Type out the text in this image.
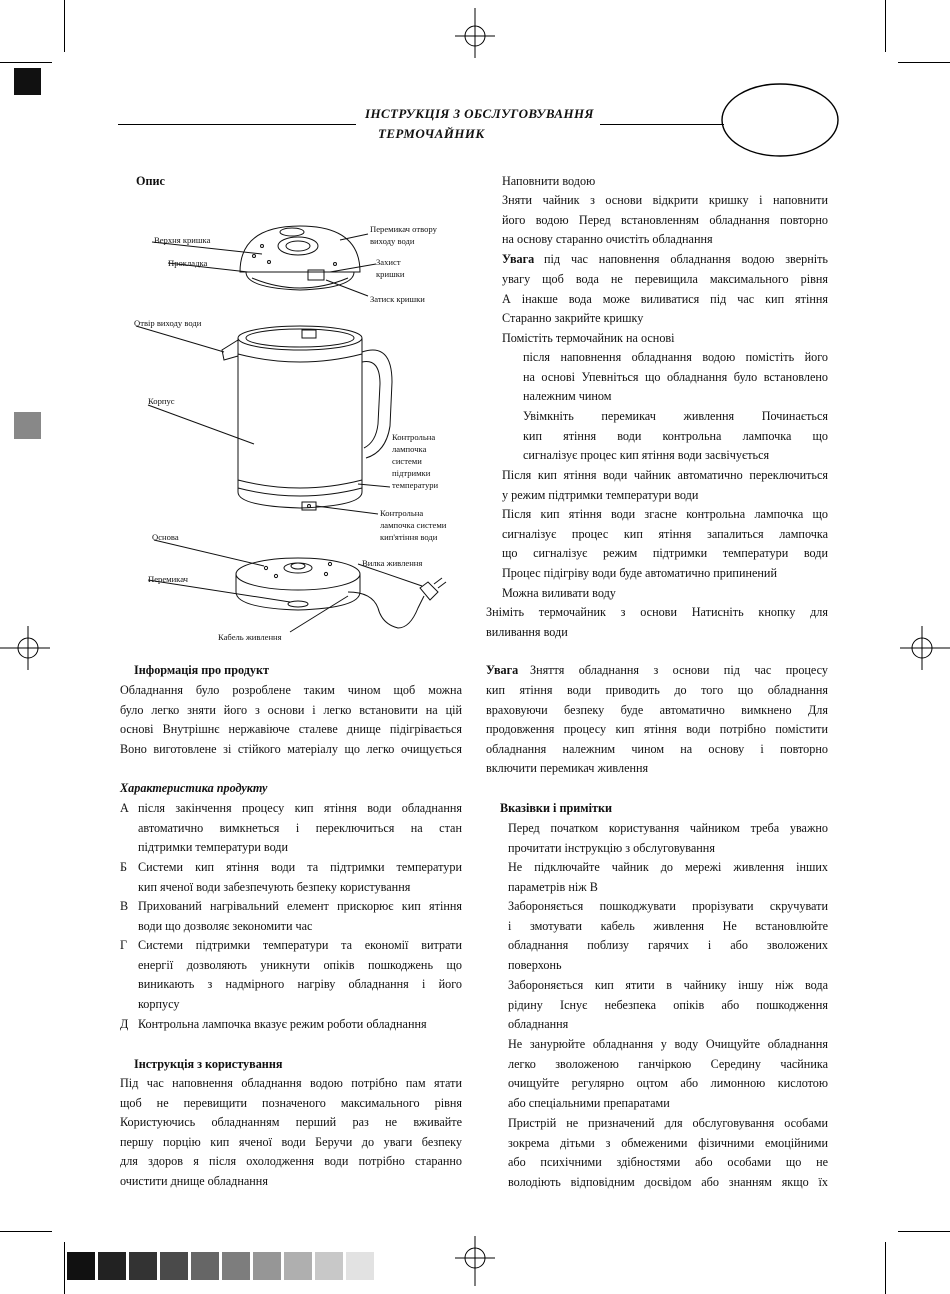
ІНСТРУКЦІЯ З ОБСЛУГОВУВАННЯ
ТЕРМОЧАЙНИК
Опис
Верхня кришка
Прокладка
Перемикач отвору
виходу води
Захист
кришки
Затиск кришки
Отвір виходу води
Корпус
Контрольна
лампочка
системи
підтримки
температури
Контрольна
лампочка системи
кип'ятіння води
Основа
Вилка живлення
Перемикач
Кабель живлення
Інформація про продукт
Обладнання було розроблене таким чином щоб можна
було легко зняти його з основи і легко встановити на цій
основі Внутрішнє нержавіюче сталеве днище підігрівається
Воно виготовлене зі стійкого матеріалу що легко очищується
Характеристика продукту
А після закінчення процесу кип ятіння води обладнання
автоматично вимкнеться і переключиться на стан
підтримки температури води
Б Системи кип ятіння води та підтримки температури
кип яченої води забезпечують безпеку користування
В Прихований нагрівальний елемент прискорює кип ятіння
води що дозволяє зекономити час
Г Системи підтримки температури та економії витрати
енергії дозволяють уникнути опіків пошкоджень що
виникають з надмірного нагріву обладнання і його
корпусу
Д Контрольна лампочка вказує режим роботи обладнання
Інструкція з користування
Під час наповнення обладнання водою потрібно пам ятати
щоб не перевищити позначеного максимального рівня
Користуючись обладнанням перший раз не вживайте
першу порцію кип яченої води Беручи до уваги безпеку
для здоров я після охолодження води потрібно старанно
очистити днище обладнання
Наповнити водою
Зняти чайник з основи відкрити кришку і наповнити
його водою Перед встановленням обладнання повторно
на основу старанно очистіть обладнання
Увага під час наповнення обладнання водою зверніть
увагу щоб вода не перевищила максимального рівня
А інакше вода може виливатися під час кип ятіння
Старанно закрийте кришку
Помістіть термочайник на основі
після наповнення обладнання водою помістіть його
на основі Упевніться що обладнання було встановлено
належним чином
Увімкніть перемикач живлення Починається
кип ятіння води контрольна лампочка що
сигналізує процес кип ятіння води засвічується
Після кип ятіння води чайник автоматично переключиться
у режим підтримки температури води
Після кип ятіння води згасне контрольна лампочка що
сигналізує процес кип ятіння запалиться лампочка
що сигналізує режим підтримки температури води
Процес підігріву води буде автоматично припинений
Можна виливати воду
Зніміть термочайник з основи Натисніть кнопку для
виливання води
Увага Зняття обладнання з основи під час процесу
кип ятіння води приводить до того що обладнання
враховуючи безпеку буде автоматично вимкнено Для
продовження процесу кип ятіння води потрібно помістити
обладнання належним чином на основу і повторно
включити перемикач живлення
Вказівки і примітки
Перед початком користування чайником треба уважно
прочитати інструкцію з обслуговування
Не підключайте чайник до мережі живлення інших
параметрів ніж В
Забороняється пошкоджувати прорізувати скручувати
і змотувати кабель живлення Не встановлюйте
обладнання поблизу гарячих і або зволожених
поверхонь
Забороняється кип ятити в чайнику іншу ніж вода
рідину Існує небезпека опіків або пошкодження
обладнання
Не занурюйте обладнання у воду Очищуйте обладнання
легко зволоженою ганчіркою Середину часйника
очищуйте регулярно оцтом або лимонною кислотою
або спеціальними препаратами
Пристрій не призначений для обслуговування особами
зокрема дітьми з обмеженими фізичними емоційними
або психічними здібностями або особами що не
володіють відповідним досвідом або знанням якщо їх
